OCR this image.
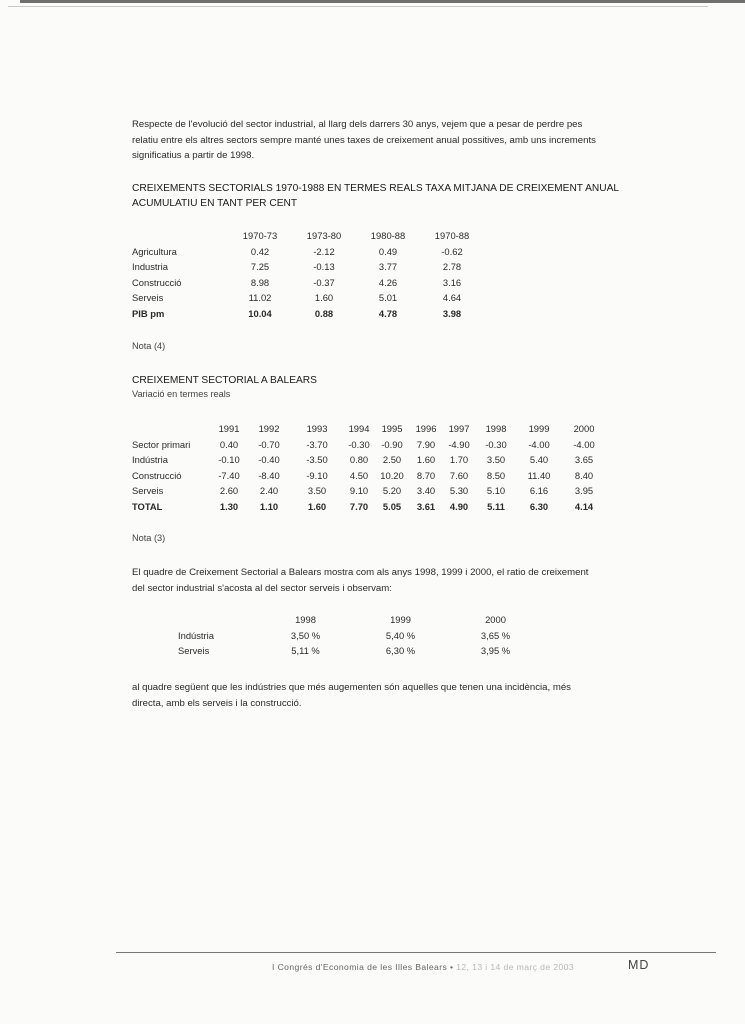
Respecte de l'evolució del sector industrial, al llarg dels darrers 30 anys, vejem que a pesar de perdre pes
relatiu entre els altres sectors sempre manté unes taxes de creixement anual possitives, amb uns increments
significatius a partir de 1998.
CREIXEMENTS SECTORIALS 1970-1988 EN TERMES REALS TAXA MITJANA DE CREIXEMENT ANUAL
ACUMULATIU EN TANT PER CENT
	1970-73	1973-80	1980-88	1970-88
Agricultura	0.42	-2.12	0.49	-0.62
Industria	7.25	-0.13	3.77	2.78
Construcció	8.98	-0.37	4.26	3.16
Serveis	11.02	1.60	5.01	4.64
PIB pm	10.04	0.88	4.78	3.98
Nota (4)
CREIXEMENT SECTORIAL A BALEARS
Variació en termes reals
	1991	1992	1993	1994	1995	1996	1997	1998	1999	2000
Sector primari	0.40	-0.70	-3.70	-0.30	-0.90	7.90	-4.90	-0.30	-4.00	-4.00
Indústria	-0.10	-0.40	-3.50	0.80	2.50	1.60	1.70	3.50	5.40	3.65
Construcció	-7.40	-8.40	-9.10	4.50	10.20	8.70	7.60	8.50	11.40	8.40
Serveis	2.60	2.40	3.50	9.10	5.20	3.40	5.30	5.10	6.16	3.95
TOTAL	1.30	1.10	1.60	7.70	5.05	3.61	4.90	5.11	6.30	4.14
Nota (3)
El quadre de Creixement Sectorial a Balears mostra com als anys 1998, 1999 i 2000, el ratio de creixement
del sector industrial s'acosta al del sector serveis i observam:
	1998	1999	2000
Indústria	3,50 %	5,40 %	3,65 %
Serveis	5,11 %	6,30 %	3,95 %
al quadre següent que les indústries que més augementen són aquelles que tenen una incidència, més
directa, amb els serveis i la construcció.
I Congrés d'Economia de les Illes Balears • 12, 13 i 14 de març de 2003	MD
